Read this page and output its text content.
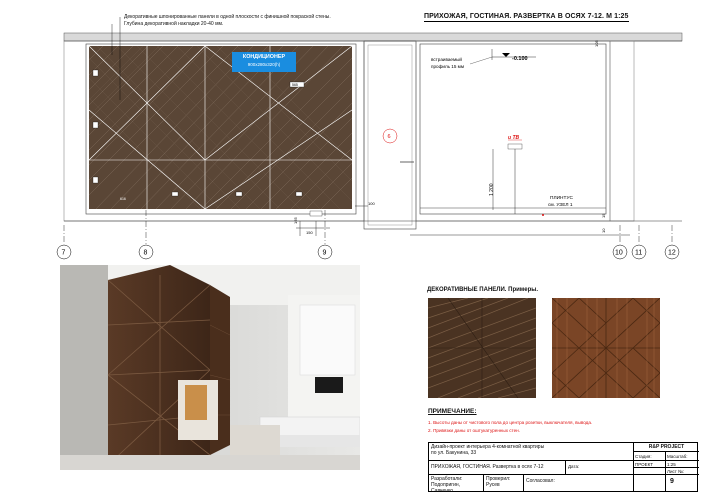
565
616
150
165
100
6	и ТВ
1 200
-0.100
встраиваемый
профиль 15 мм
ПЛИНТУС
см. УЗЕЛ 1
105
15
10
7	8	9	10 11	12
ПРИХОЖАЯ, ГОСТИНАЯ. РАЗВЕРТКА В ОСЯХ 7-12. М 1:25
Декоративные шпонированные панели в одной плоскости с финишной покраской стены.
Глубина декоративной накладки 20-40 мм.
КОНДИЦИОНЕР
900х280х320(h)
ДЕКОРАТИВНЫЕ ПАНЕЛИ. Примеры.
ПРИМЕЧАНИЕ:
1. Высоты даны от чистового пола до центра розетки, выключателя, вывода.
2. Привязки даны от оштукатуренных стен.
Дизайн-проект интерьера 4-комнатной квартиры
по ул. Бакунина, 33
R&P PROJECT
Стадия:	Масштаб:
ПРИХОЖАЯ, ГОСТИНАЯ. Развертка в осях 7-12	Дата:	ПРОЕКТ	1:25
Лист №:
Разработали:
Подопригин, Савченко
Проверил:
Русев
Согласовал:	9
